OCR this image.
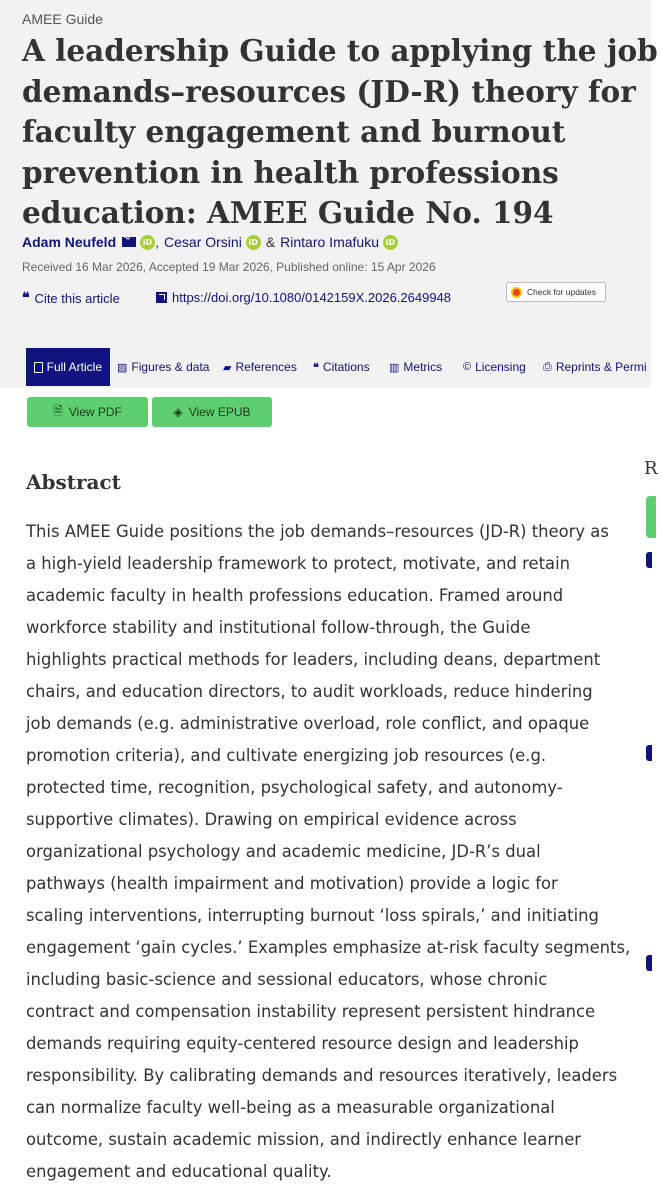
AMEE Guide
A leadership Guide to applying the job
demands–resources (JD-R) theory for
faculty engagement and burnout
prevention in health professions
education: AMEE Guide No. 194
Adam Neufeld	iD , Cesar Orsini iD & Rintaro Imafuku iD
Received 16 Mar 2026, Accepted 19 Mar 2026, Published online: 15 Apr 2026
❝ Cite this article	https://doi.org/10.1080/0142159X.2026.2649948	Check for updates
Full Article ▨ Figures & data ▰ References ❝ Citations ▥ Metrics © Licensing ⎙ Reprints & Permi
🗎 View PDF	◈ View EPUB
Abstract
This AMEE Guide positions the job demands–resources (JD-R) theory as
a high-yield leadership framework to protect, motivate, and retain
academic faculty in health professions education. Framed around
workforce stability and institutional follow-through, the Guide
highlights practical methods for leaders, including deans, department
chairs, and education directors, to audit workloads, reduce hindering
job demands (e.g. administrative overload, role conflict, and opaque
promotion criteria), and cultivate energizing job resources (e.g.
protected time, recognition, psychological safety, and autonomy-
supportive climates). Drawing on empirical evidence across
organizational psychology and academic medicine, JD-R’s dual
pathways (health impairment and motivation) provide a logic for
scaling interventions, interrupting burnout ‘loss spirals,’ and initiating
engagement ‘gain cycles.’ Examples emphasize at-risk faculty segments,
including basic-science and sessional educators, whose chronic
contract and compensation instability represent persistent hindrance
demands requiring equity-centered resource design and leadership
responsibility. By calibrating demands and resources iteratively, leaders
can normalize faculty well-being as a measurable organizational
outcome, sustain academic mission, and indirectly enhance learner
engagement and educational quality.
R
